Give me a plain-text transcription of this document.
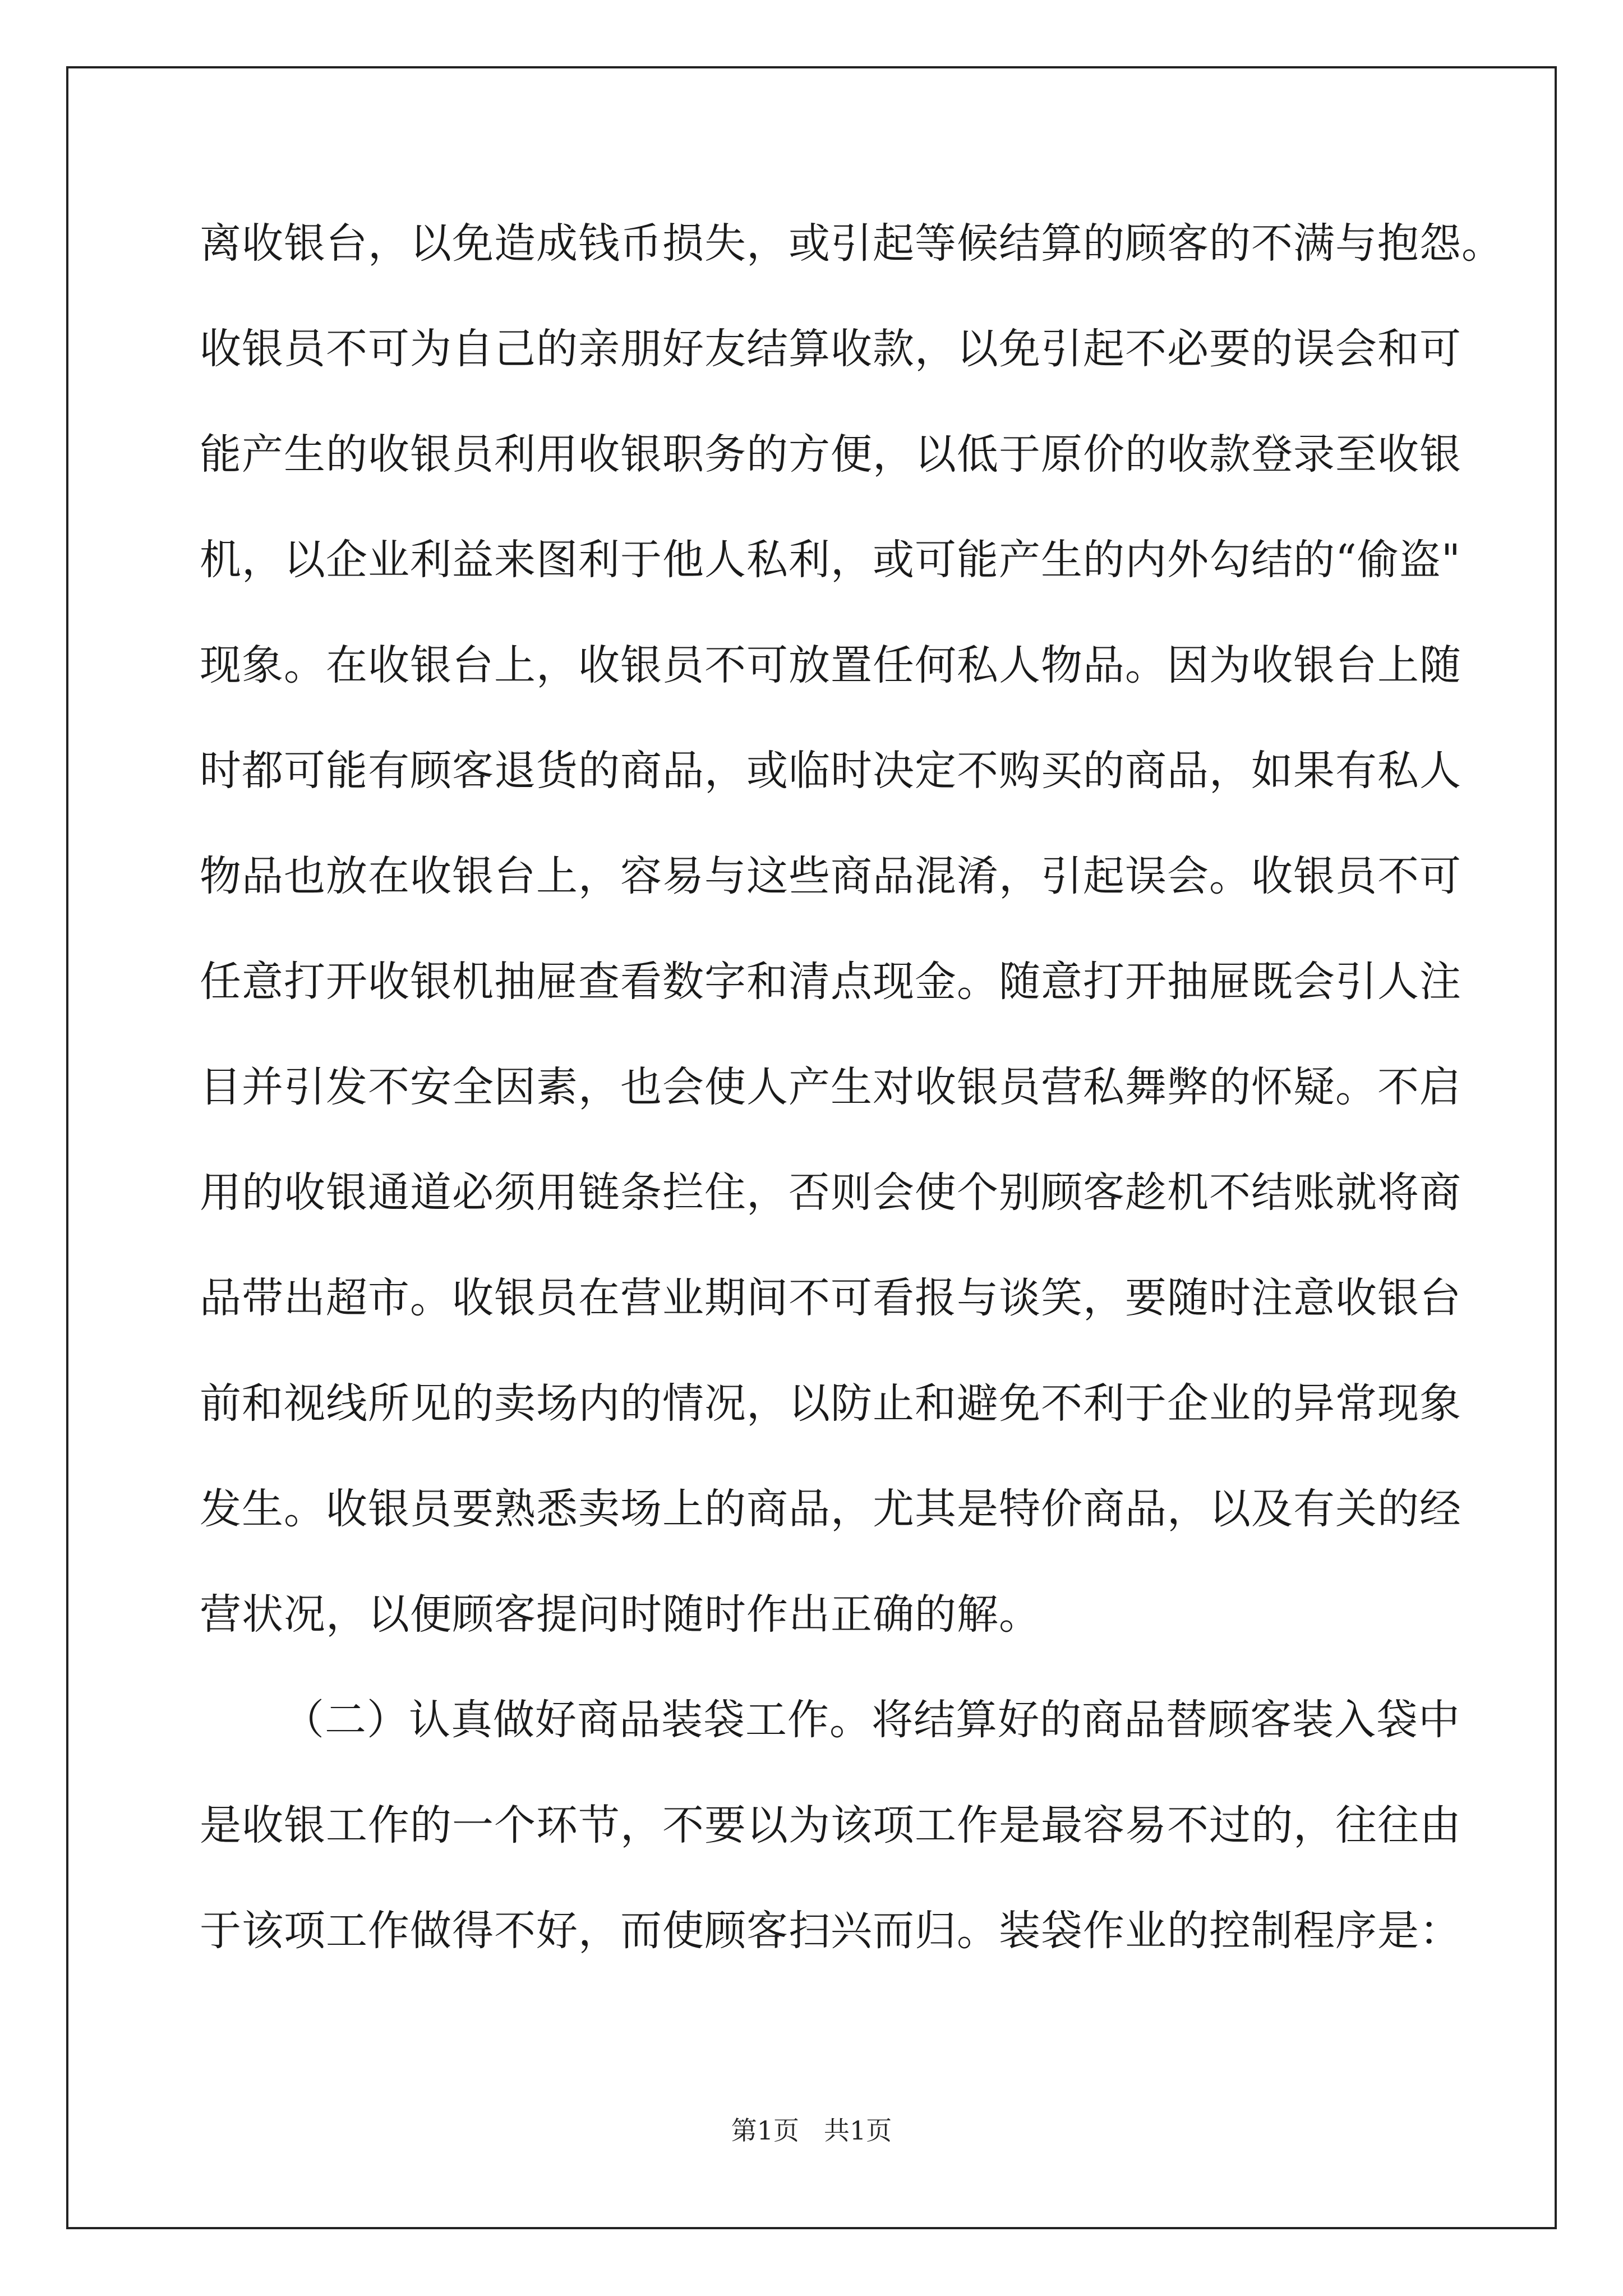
离收银台，以免造成钱币损失，或引起等候结算的顾客的不满与抱怨。
收银员不可为自己的亲朋好友结算收款，以免引起不必要的误会和可
能产生的收银员利用收银职务的方便，以低于原价的收款登录至收银
机，以企业利益来图利于他人私利，或可能产生的内外勾结的“偷盗"
现象。在收银台上，收银员不可放置任何私人物品。因为收银台上随
时都可能有顾客退货的商品，或临时决定不购买的商品，如果有私人
物品也放在收银台上，容易与这些商品混淆，引起误会。收银员不可
任意打开收银机抽屉查看数字和清点现金。随意打开抽屉既会引人注
目并引发不安全因素，也会使人产生对收银员营私舞弊的怀疑。不启
用的收银通道必须用链条拦住，否则会使个别顾客趁机不结账就将商
品带出超市。收银员在营业期间不可看报与谈笑，要随时注意收银台
前和视线所见的卖场内的情况，以防止和避免不利于企业的异常现象
发生。收银员要熟悉卖场上的商品，尤其是特价商品，以及有关的经
营状况，以便顾客提问时随时作出正确的解。
（二）认真做好商品装袋工作。将结算好的商品替顾客装入袋中
是收银工作的一个环节，不要以为该项工作是最容易不过的，往往由
于该项工作做得不好，而使顾客扫兴而归。装袋作业的控制程序是：
第1页 共1页
